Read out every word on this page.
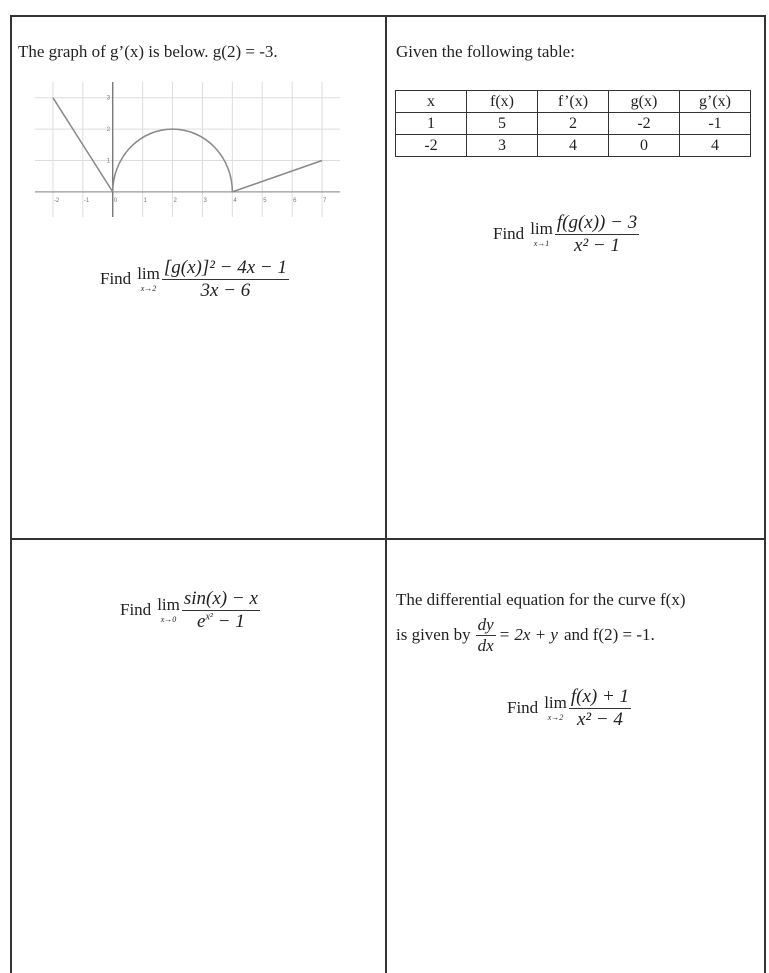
The graph of g’(x) is below. g(2) = -3.
-2	-1	0	1	2	3	4	5	6	7
1
2
3
Find lim
$x\to 2 \frac{\text{[g(x)]² − 4x − 1}}{3x - 6}$
Given the following table:
x	f(x)	f’(x)	g(x)	g’(x)
1	5	2	-2	-1
-2	3	4	0	4
Find lim
$x\to 1 \frac{f(g(x)) - 3}{\text{x² − 1}}$
Find lim
$x\to 0 \frac{\sin(x) - x}{e^{x^2} - 1}$	The differential equation for the curve f(x)
is given by $\frac{dy}{dx} = 2x + y$ and f(2) = -1.
Find lim
$x\to 2 \frac{f(x) + 1}{\text{x² − 4}}$
